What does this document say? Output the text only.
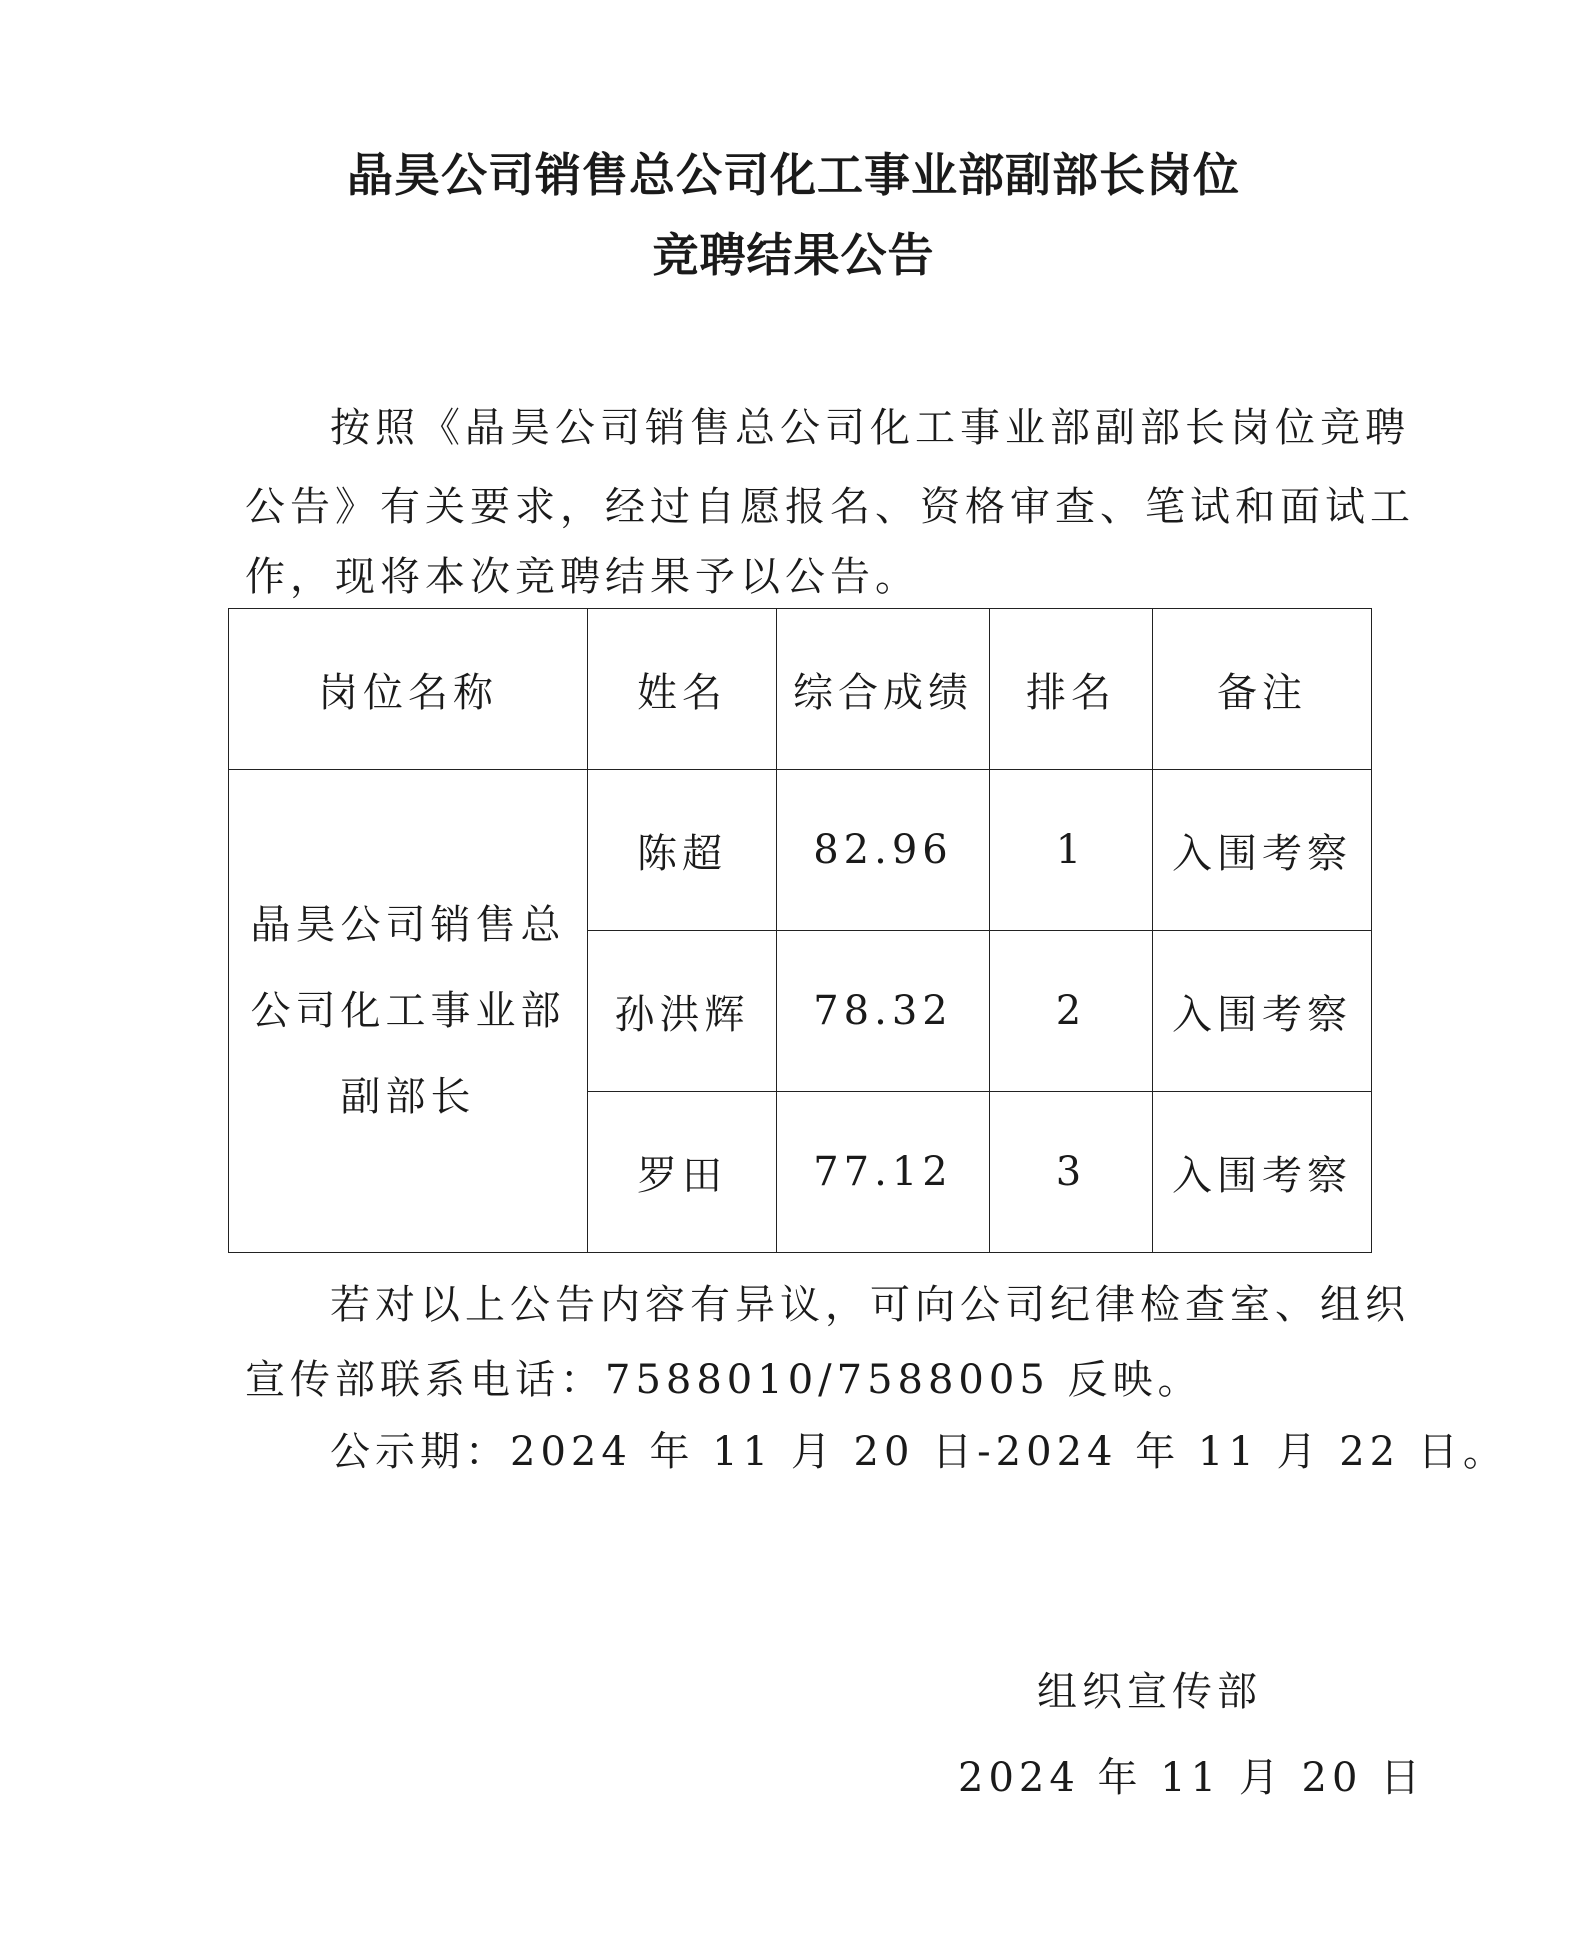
晶昊公司销售总公司化工事业部副部长岗位
竞聘结果公告
按照《晶昊公司销售总公司化工事业部副部长岗位竞聘
公告》有关要求，经过自愿报名、资格审查、笔试和面试工
作，现将本次竞聘结果予以公告。
岗位名称	姓名	综合成绩	排名	备注
晶昊公司销售总公司化工事业部副部长	陈超	82.96	1	入围考察
	孙洪辉	78.32	2	入围考察
	罗田	77.12	3	入围考察
若对以上公告内容有异议，可向公司纪律检查室、组织
宣传部联系电话：7588010/7588005 反映。
公示期：2024 年 11 月 20 日-2024 年 11 月 22 日。
组织宣传部
2024 年 11 月 20 日
